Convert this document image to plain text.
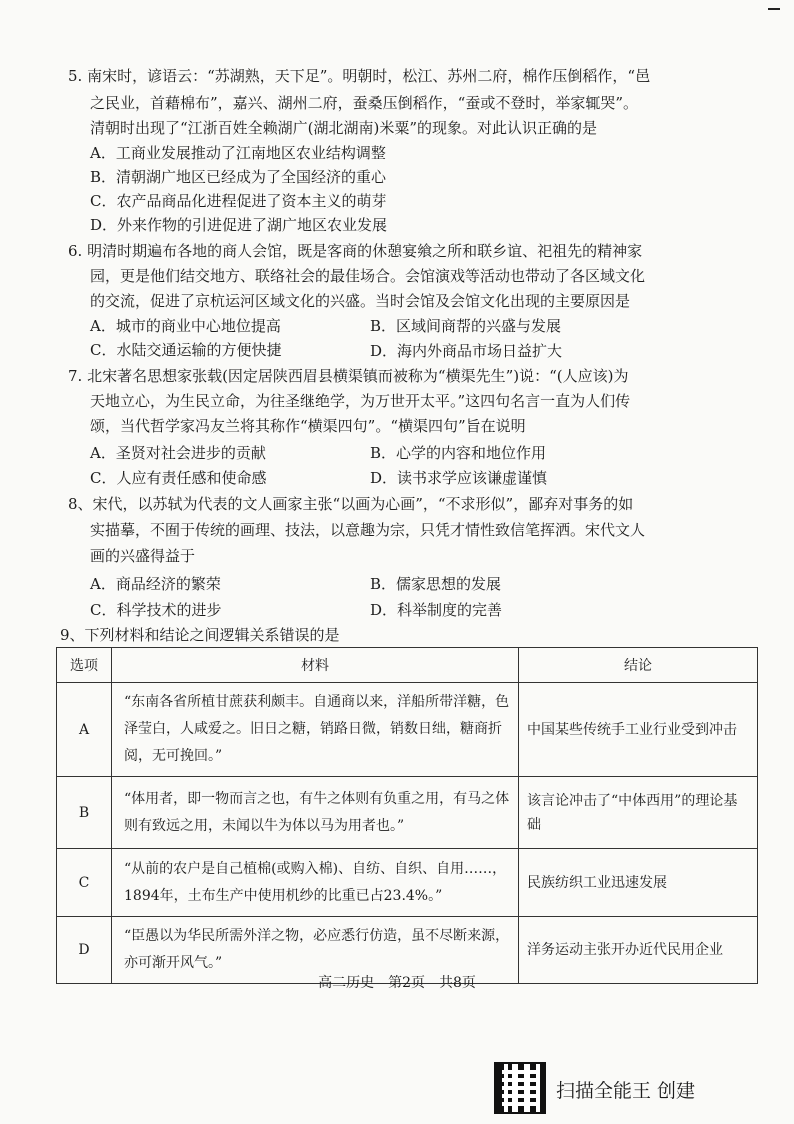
5. 南宋时，谚语云：“苏湖熟，天下足”。明朝时，松江、苏州二府，棉作压倒稻作，“邑
之民业，首藉棉布”，嘉兴、湖州二府，蚕桑压倒稻作，“蚕或不登时，举家辄哭”。
清朝时出现了“江浙百姓全赖湖广(湖北湖南)米粟”的现象。对此认识正确的是
A．工商业发展推动了江南地区农业结构调整
B．清朝湖广地区已经成为了全国经济的重心
C．农产品商品化进程促进了资本主义的萌芽
D．外来作物的引进促进了湖广地区农业发展
6. 明清时期遍布各地的商人会馆，既是客商的休憩宴飨之所和联乡谊、祀祖先的精神家
园，更是他们结交地方、联络社会的最佳场合。会馆演戏等活动也带动了各区域文化
的交流，促进了京杭运河区域文化的兴盛。当时会馆及会馆文化出现的主要原因是
A．城市的商业中心地位提高	B．区域间商帮的兴盛与发展
C．水陆交通运输的方便快捷	D．海内外商品市场日益扩大
7. 北宋著名思想家张载(因定居陕西眉县横渠镇而被称为“横渠先生”)说：“(人应该)为
天地立心，为生民立命，为往圣继绝学，为万世开太平。”这四句名言一直为人们传
颂，当代哲学家冯友兰将其称作“横渠四句”。“横渠四句”旨在说明
A．圣贤对社会进步的贡献	B．心学的内容和地位作用
C．人应有责任感和使命感	D．读书求学应该谦虚谨慎
8、宋代，以苏轼为代表的文人画家主张“以画为心画”，“不求形似”，鄙弃对事务的如
实描摹，不囿于传统的画理、技法，以意趣为宗，只凭才情性致信笔挥洒。宋代文人
画的兴盛得益于
A．商品经济的繁荣	B．儒家思想的发展
C．科学技术的进步	D．科举制度的完善
9、下列材料和结论之间逻辑关系错误的是
选项	材料	结论
A	“东南各省所植甘蔗获利颇丰。自通商以来，洋船所带洋糖，色泽莹白，人咸爱之。旧日之糖，销路日微，销数日绌，糖商折阅，无可挽回。”	中国某些传统手工业行业受到冲击
B	“体用者，即一物而言之也，有牛之体则有负重之用，有马之体则有致远之用，未闻以牛为体以马为用者也。”	该言论冲击了“中体西用”的理论基础
C	“从前的农户是自己植棉(或购入棉)、自纺、自织、自用……，1894年，土布生产中使用机纱的比重已占23.4%。”	民族纺织工业迅速发展
D	“臣愚以为华民所需外洋之物，必应悉行仿造，虽不尽断来源，亦可渐开风气。”	洋务运动主张开办近代民用企业
高二历史　第2页　共8页
扫描全能王 创建
